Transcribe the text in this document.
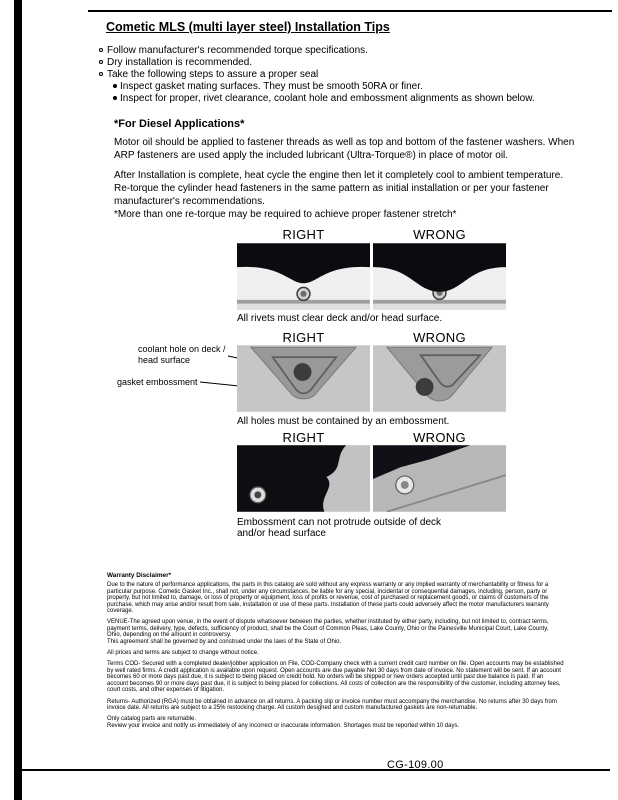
Cometic MLS (multi layer steel) Installation Tips
Follow manufacturer's recommended torque specifications.
Dry installation is recommended.
Take the following steps to assure a proper seal
Inspect gasket mating surfaces. They must be smooth 50RA or finer.
Inspect for proper, rivet clearance, coolant hole and embossment alignments as shown below.
*For Diesel Applications*

Motor oil should be applied to fastener threads as well as top and bottom of the fastener washers. When ARP fasteners are used apply the included lubricant (Ultra-Torque®) in place of motor oil.

After Installation is complete, heat cycle the engine then let it completely cool to ambient temperature. Re-torque the cylinder head fasteners in the same pattern as initial installation or per your fastener manufacturer's recommendations.

*More than one re-torque may be required to achieve proper fastener stretch*

RIGHT	WRONG
All rivets must clear deck and/or head surface.
RIGHT	WRONG
coolant hole on deck / head surface
gasket embossment
All holes must be contained by an embossment.
RIGHT	WRONG
Embossment can not protrude outside of deck and/or head surface
Warranty Disclaimer*

Due to the nature of performance applications, the parts in this catalog are sold without any express warranty or any implied warranty of merchantability or fitness for a particular purpose. Cometic Gasket Inc., shall not, under any circumstances, be liable for any special, incidental or consequential damages, including, person, party or property, but not limited to, damage, or loss of property or equipment, loss of profits or revenue, cost of purchased or replacement goods, or claims of customers of the purchase, which may arise and/or result from sale, installation or use of these parts. Installation of these parts could adversely affect the motor manufacturers warranty coverage.

VENUE-The agreed upon venue, in the event of dispute whatsoever between the parties, whether instituted by either party, including, but not limited to, contract terms, payment terms, delivery, type, defects, sufficiency of product, shall be the Court of Common Pleas, Lake County, Ohio or the Painesville Municipal Court, Lake County, Ohio, depending on the amount in controversy.

This agreement shall be governed by and construed under the laws of the State of Ohio.

All prices and terms are subject to change without notice.

Terms COD- Secured with a completed dealer/jobber application on File, COD-Company check with a current credit card number on file. Open accounts may be established by well rated firms. A credit application is available upon request. Open accounts are due payable Net 30 days from date of invoice. No statement will be sent. If an account becomes 60 or more days past due, it is subject to being placed on credit hold. No orders will be shipped or new orders accepted until past due balance is paid. If an account becomes 90 or more days past due, it is subject to being placed for collections. All costs of collection are the responsibility of the customer, including attorney fees, court costs, and other expenses of litigation.

Returns- Authorized (RGA) must be obtained in advance on all returns. A packing slip or invoice number must accompany the merchandise. No returns after 30 days from invoice date. All returns are subject to a 25% restocking charge. All custom designed and custom manufactured gaskets are non-returnable.

Only catalog parts are returnable.

Review your invoice and notify us immediately of any incorrect or inaccurate information. Shortages must be reported within 10 days.

CG-109.00
